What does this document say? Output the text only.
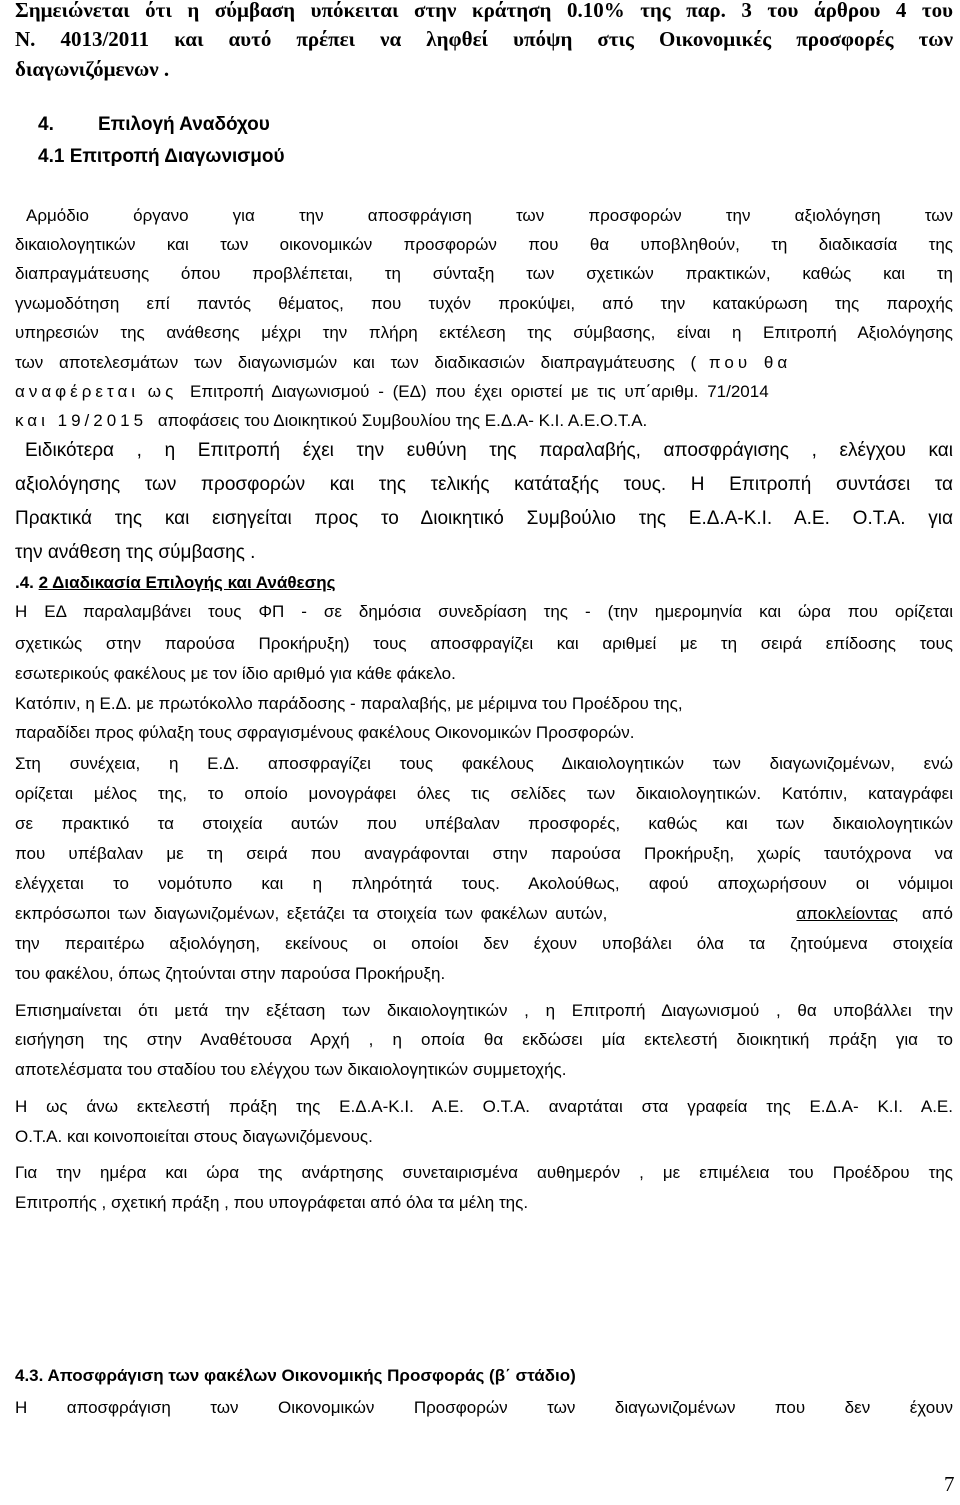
Σημειώνεται ότι η σύμβαση υπόκειται στην κράτηση 0.10% της παρ. 3 του άρθρου 4 του
Ν. 4013/2011 και αυτό πρέπει να ληφθεί υπόψη στις Οικονομικές προσφορές των
διαγωνιζόμενων .
4. Επιλογή Αναδόχου
4.1 Επιτροπή Διαγωνισμού
Αρμόδιο όργανο για την αποσφράγιση των προσφορών την αξιολόγηση των
δικαιολογητικών και των οικονομικών προσφορών που θα υποβληθούν, τη διαδικασία της
διαπραγμάτευσης όπου προβλέπεται, τη σύνταξη των σχετικών πρακτικών, καθώς και τη
γνωμοδότηση επί παντός θέματος, που τυχόν προκύψει, από την κατακύρωση της παροχής
υπηρεσιών της ανάθεσης μέχρι την πλήρη εκτέλεση της σύμβασης, είναι η Επιτροπή Αξιολόγησης
των αποτελεσμάτων των διαγωνισμών και των διαδικασιών διαπραγμάτευσης ( που θα
αναφέρεται ως Επιτροπή Διαγωνισμού - (ΕΔ) που έχει οριστεί με τις υπ΄αριθμ. 71/2014
και 19/2015 αποφάσεις του Διοικητικού Συμβουλίου της Ε.Δ.Α- Κ.Ι. Α.Ε.Ο.Τ.Α.
Ειδικότερα , η Επιτροπή έχει την ευθύνη της παραλαβής, αποσφράγισης , ελέγχου και
αξιολόγησης των προσφορών και της τελικής κατάταξής τους. Η Επιτροπή συντάσει τα
Πρακτικά της και εισηγείται προς το Διοικητικό Συμβούλιο της Ε.Δ.Α-Κ.Ι. Α.Ε. Ο.Τ.Α. για
την ανάθεση της σύμβασης .
.4. 2 Διαδικασία Επιλογής και Ανάθεσης
Η ΕΔ παραλαμβάνει τους ΦΠ - σε δημόσια συνεδρίαση της - (την ημερομηνία και ώρα που ορίζεται
σχετικώς στην παρούσα Προκήρυξη) τους αποσφραγίζει και αριθμεί με τη σειρά επίδοσης τους
εσωτερικούς φακέλους με τον ίδιο αριθμό για κάθε φάκελο.
Κατόπιν, η Ε.Δ. με πρωτόκολλο παράδοσης - παραλαβής, με μέριμνα του Προέδρου της,
παραδίδει προς φύλαξη τους σφραγισμένους φακέλους Οικονομικών Προσφορών.
Στη συνέχεια, η Ε.Δ. αποσφραγίζει τους φακέλους Δικαιολογητικών των διαγωνιζομένων, ενώ
ορίζεται μέλος της, το οποίο μονογράφει όλες τις σελίδες των δικαιολογητικών. Κατόπιν, καταγράφει
σε πρακτικό τα στοιχεία αυτών που υπέβαλαν προσφορές, καθώς και των δικαιολογητικών
που υπέβαλαν με τη σειρά που αναγράφονται στην παρούσα Προκήρυξη, χωρίς ταυτόχρονα να
ελέγχεται το νομότυπο και η πληρότητά τους. Ακολούθως, αφού αποχωρήσουν οι νόμιμοι
εκπρόσωποι των διαγωνιζομένων, εξετάζει τα στοιχεία των φακέλων αυτών,	αποκλείοντας από
την περαιτέρω αξιολόγηση, εκείνους οι οποίοι δεν έχουν υποβάλει όλα τα ζητούμενα στοιχεία
του φακέλου, όπως ζητούνται στην παρούσα Προκήρυξη.
Επισημαίνεται ότι μετά την εξέταση των δικαιολογητικών , η Επιτροπή Διαγωνισμού , θα υποβάλλει την
εισήγηση της στην Αναθέτουσα Αρχή , η οποία θα εκδώσει μία εκτελεστή διοικητική πράξη για το
αποτελέσματα του σταδίου του ελέγχου των δικαιολογητικών συμμετοχής.
Η ως άνω εκτελεστή πράξη της Ε.Δ.Α-Κ.Ι. Α.Ε. Ο.Τ.Α. αναρτάται στα γραφεία της Ε.Δ.Α- Κ.Ι. Α.Ε.
Ο.Τ.Α. και κοινοποιείται στους διαγωνιζόμενους.
Για την ημέρα και ώρα της ανάρτησης συνεταιρισμένα αυθημερόν , με επιμέλεια του Προέδρου της
Επιτροπής , σχετική πράξη , που υπογράφεται από όλα τα μέλη της.
4.3. Αποσφράγιση των φακέλων Οικονομικής Προσφοράς (β΄ στάδιο)
Η αποσφράγιση των Οικονομικών Προσφορών των διαγωνιζομένων που δεν έχουν
7
